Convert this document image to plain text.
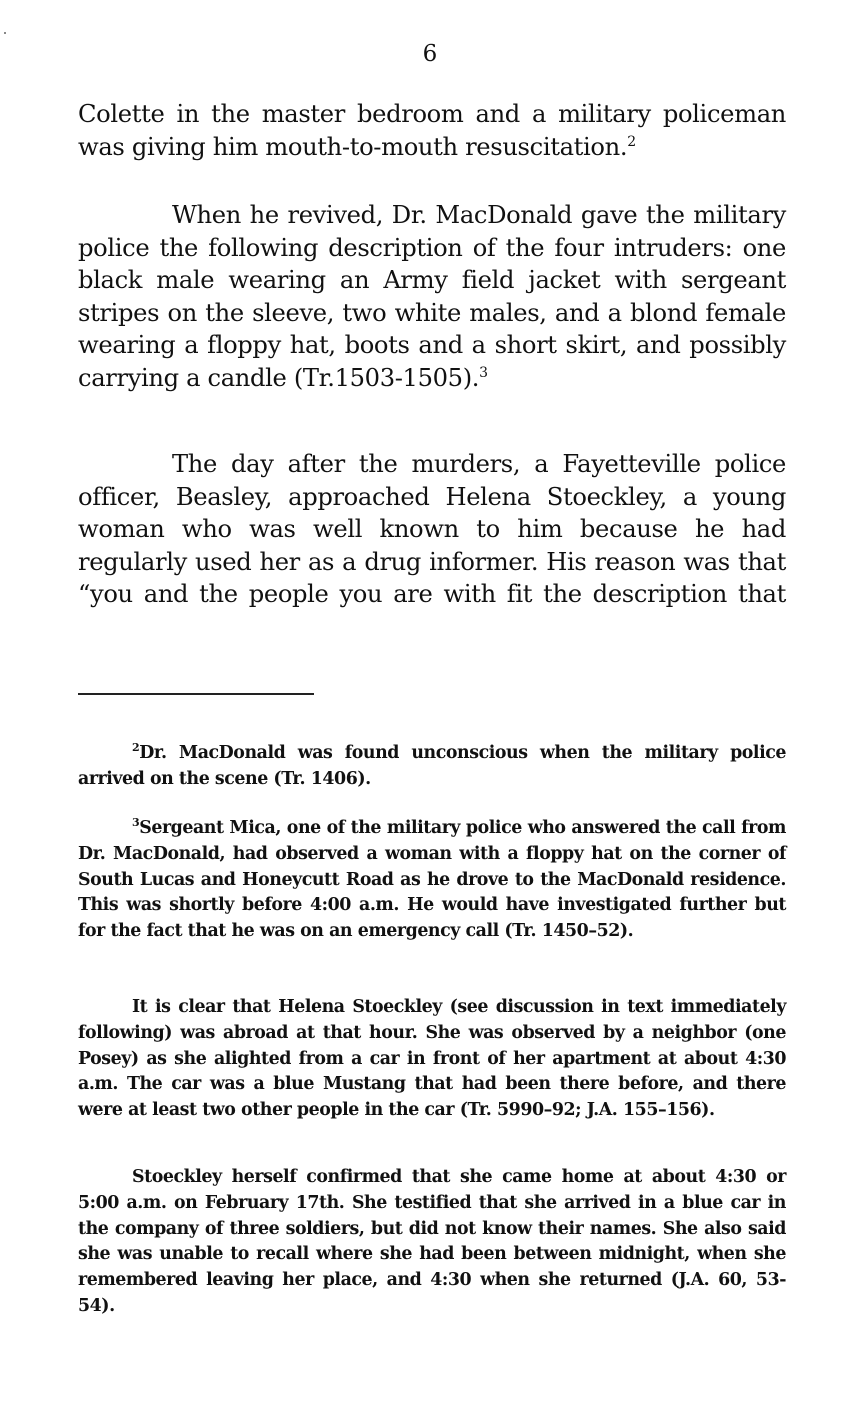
6

Colette in the master bedroom and a military policeman was giving him mouth-to-mouth resuscitation.$^2$

When he revived, Dr. MacDonald gave the military police the following description of the four intruders: one black male wearing an Army field jacket with sergeant stripes on the sleeve, two white males, and a blond female wearing a floppy hat, boots and a short skirt, and possibly carrying a candle (Tr.1503-1505).$^3$

The day after the murders, a Fayetteville police officer, Beasley, approached Helena Stoeckley, a young woman who was well known to him because he had regularly used her as a drug informer. His reason was that “you and the people you are with fit the description that

$^2$Dr. MacDonald was found unconscious when the military police arrived on the scene (Tr. 1406).

$^3$Sergeant Mica, one of the military police who answered the call from Dr. MacDonald, had observed a woman with a floppy hat on the corner of South Lucas and Honeycutt Road as he drove to the MacDonald residence. This was shortly before 4:00 a.m. He would have investigated further but for the fact that he was on an emergency call (Tr. 1450–52).

It is clear that Helena Stoeckley (see discussion in text immediately following) was abroad at that hour. She was observed by a neighbor (one Posey) as she alighted from a car in front of her apartment at about 4:30 a.m. The car was a blue Mustang that had been there before, and there were at least two other people in the car (Tr. 5990–92; J.A. 155–156).

Stoeckley herself confirmed that she came home at about 4:30 or 5:00 a.m. on February 17th. She testified that she arrived in a blue car in the company of three soldiers, but did not know their names. She also said she was unable to recall where she had been between midnight, when she remembered leaving her place, and 4:30 when she returned (J.A. 60, 53-54).
